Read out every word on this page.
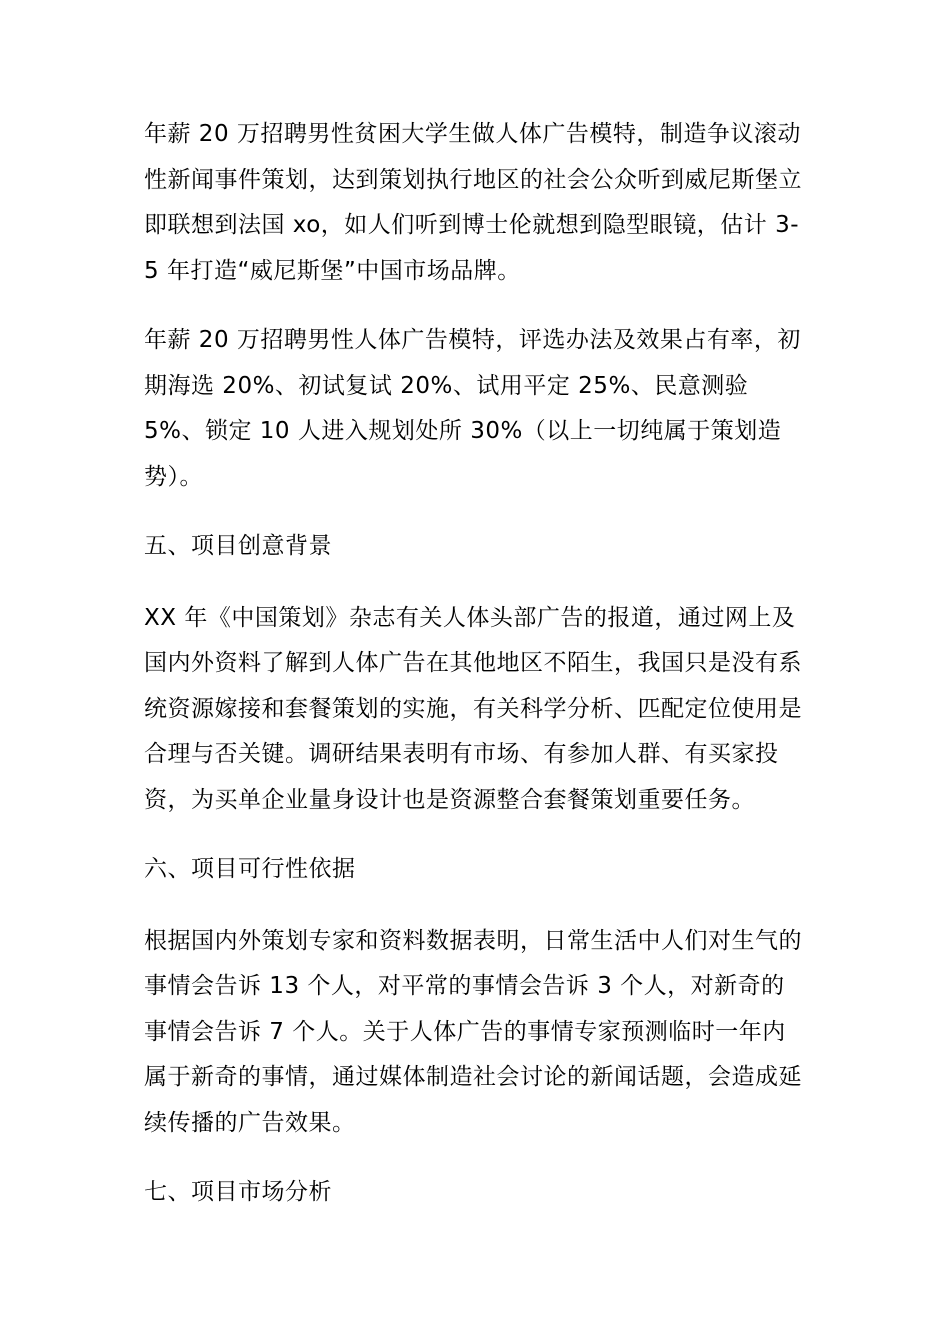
年薪 20 万招聘男性贫困大学生做人体广告模特，制造争议滚动性新闻事件策划，达到策划执行地区的社会公众听到威尼斯堡立即联想到法国 xo，如人们听到博士伦就想到隐型眼镜，估计 3-5 年打造“威尼斯堡”中国市场品牌。

年薪 20 万招聘男性人体广告模特，评选办法及效果占有率，初期海选 20%、初试复试 20%、试用平定 25%、民意测验 5%、锁定 10 人进入规划处所 30%（以上一切纯属于策划造势）。

五、项目创意背景

XX 年《中国策划》杂志有关人体头部广告的报道，通过网上及国内外资料了解到人体广告在其他地区不陌生，我国只是没有系统资源嫁接和套餐策划的实施，有关科学分析、匹配定位使用是合理与否关键。调研结果表明有市场、有参加人群、有买家投资，为买单企业量身设计也是资源整合套餐策划重要任务。

六、项目可行性依据

根据国内外策划专家和资料数据表明，日常生活中人们对生气的事情会告诉 13 个人，对平常的事情会告诉 3 个人，对新奇的事情会告诉 7 个人。关于人体广告的事情专家预测临时一年内属于新奇的事情，通过媒体制造社会讨论的新闻话题，会造成延续传播的广告效果。

七、项目市场分析
